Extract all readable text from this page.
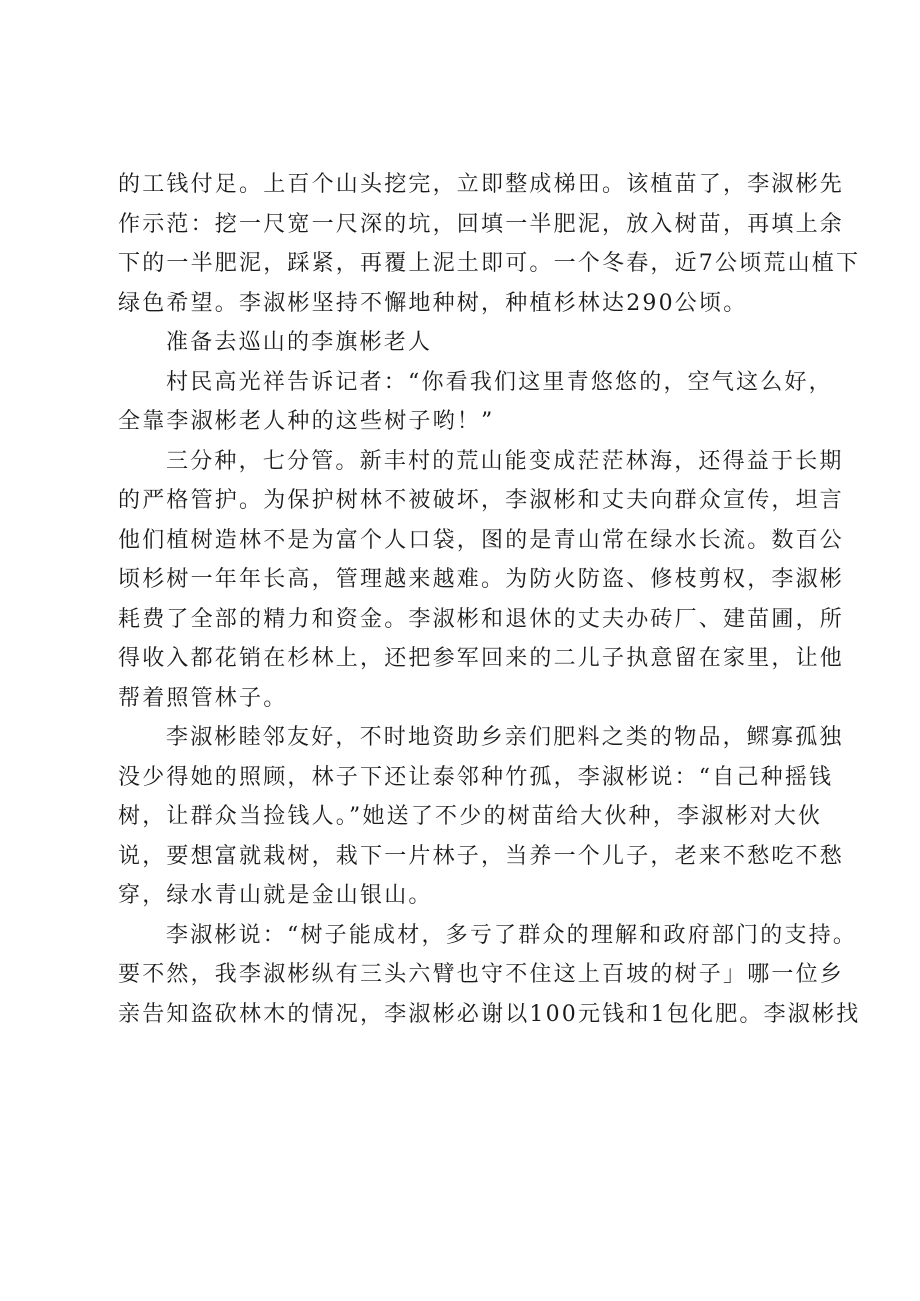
的工钱付足。上百个山头挖完，立即整成梯田。该植苗了，李淑彬先
作示范：挖一尺宽一尺深的坑，回填一半肥泥，放入树苗，再填上余
下的一半肥泥，踩紧，再覆上泥土即可。一个冬春，近7公顷荒山植下
绿色希望。李淑彬坚持不懈地种树，种植杉林达290公顷。
准备去巡山的李旗彬老人
村民高光祥告诉记者：“你看我们这里青悠悠的，空气这么好，
全靠李淑彬老人种的这些树子哟！”
三分种，七分管。新丰村的荒山能变成茫茫林海，还得益于长期
的严格管护。为保护树林不被破坏，李淑彬和丈夫向群众宣传，坦言
他们植树造林不是为富个人口袋，图的是青山常在绿水长流。数百公
顷杉树一年年长高，管理越来越难。为防火防盗、修枝剪权，李淑彬
耗费了全部的精力和资金。李淑彬和退休的丈夫办砖厂、建苗圃，所
得收入都花销在杉林上，还把参军回来的二儿子执意留在家里，让他
帮着照管林子。
李淑彬睦邻友好，不时地资助乡亲们肥料之类的物品，鳏寡孤独
没少得她的照顾，林子下还让泰邻种竹孤，李淑彬说：“自己种摇钱
树，让群众当捡钱人。”她送了不少的树苗给大伙种，李淑彬对大伙
说，要想富就栽树，栽下一片林子，当养一个儿子，老来不愁吃不愁
穿，绿水青山就是金山银山。
李淑彬说：“树子能成材，多亏了群众的理解和政府部门的支持。
要不然，我李淑彬纵有三头六臂也守不住这上百坡的树子」哪一位乡
亲告知盗砍林木的情况，李淑彬必谢以100元钱和1包化肥。李淑彬找
